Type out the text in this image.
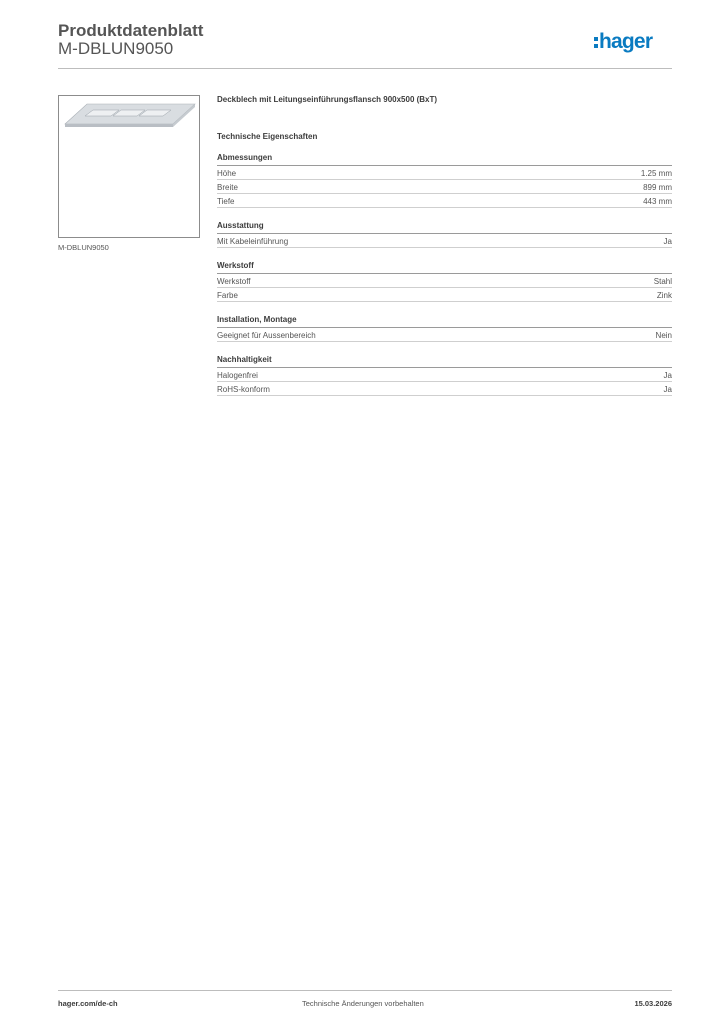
Produktdatenblatt
M-DBLUN9050	hager
M-DBLUN9050
Deckblech mit Leitungseinführungsflansch 900x500 (BxT)
Technische Eigenschaften
Abmessungen
Höhe	1.25 mm
Breite	899 mm
Tiefe	443 mm
Ausstattung
Mit Kabeleinführung	Ja
Werkstoff
Werkstoff	Stahl
Farbe	Zink
Installation, Montage
Geeignet für Aussenbereich	Nein
Nachhaltigkeit
Halogenfrei	Ja
RoHS-konform	Ja
hager.com/de-ch	Technische Änderungen vorbehalten	15.03.2026
